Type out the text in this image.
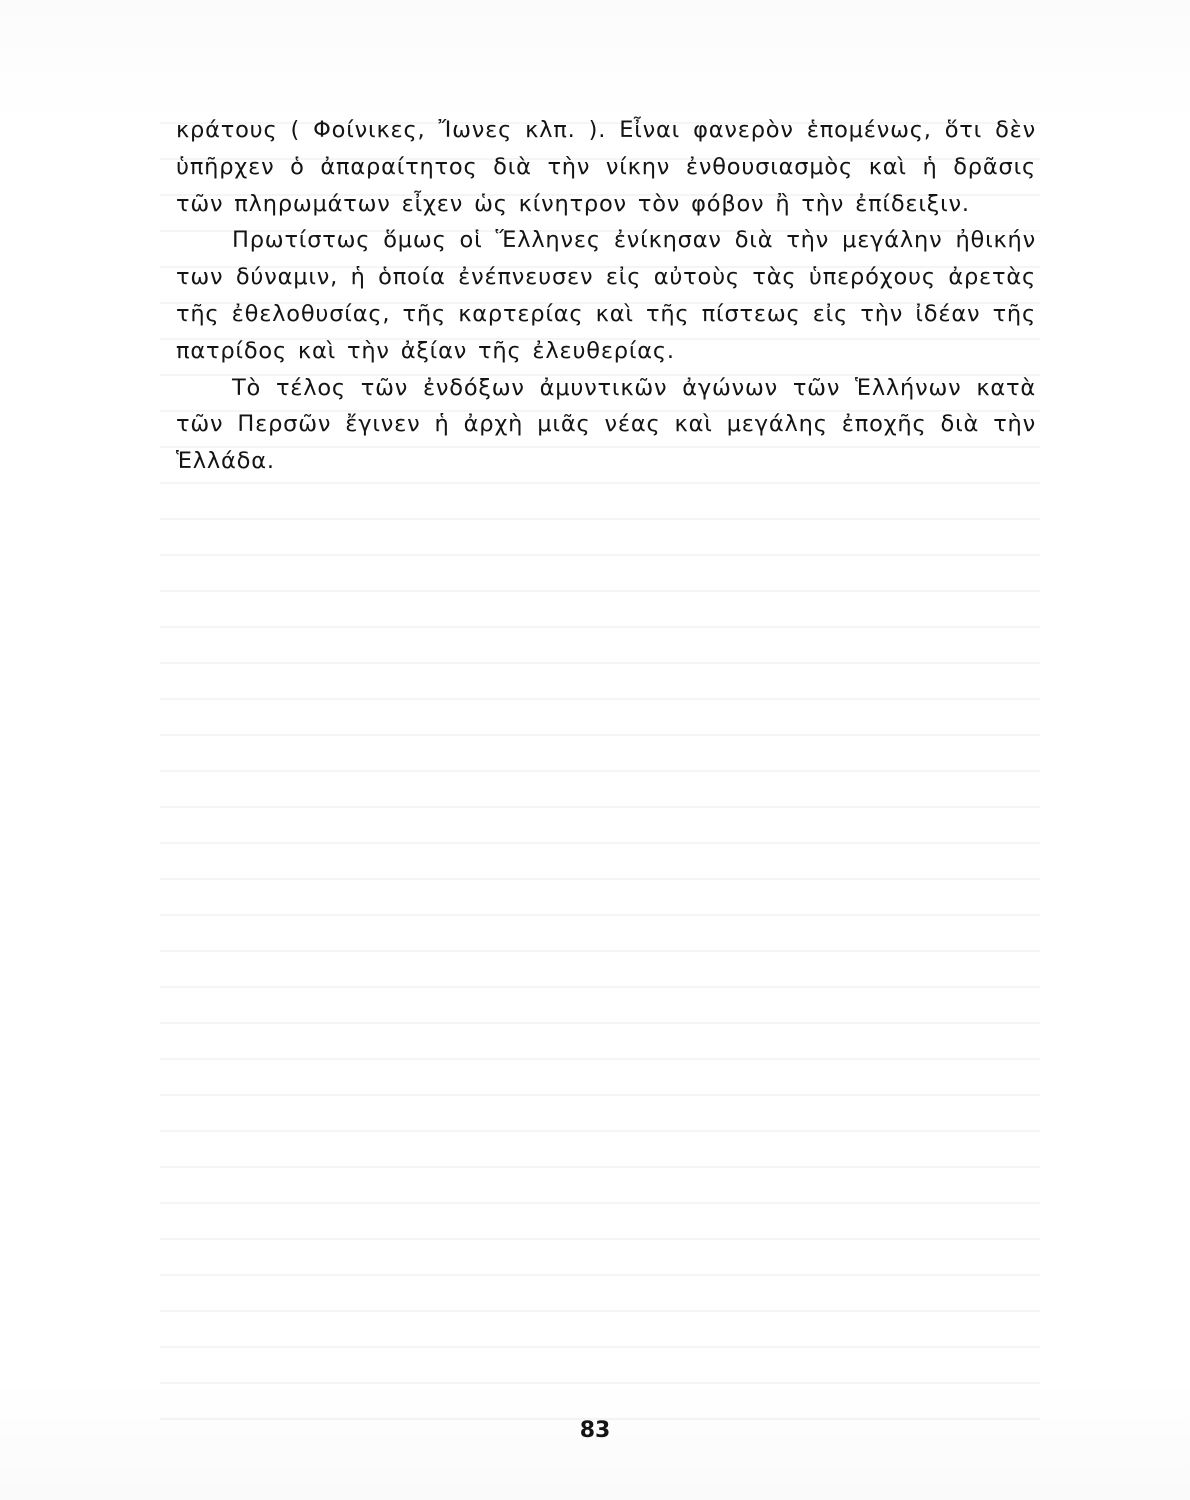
κράτους ( Φοίνικες, Ἴωνες κλπ. ). Εἶναι φανερὸν ἑπομένως, ὅτι δὲν ὑπῆρχεν ὁ ἀπαραίτητος διὰ τὴν νίκην ἐνθουσιασμὸς καὶ ἡ δρᾶσις τῶν πληρωμάτων εἶχεν ὡς κίνητρον τὸν φόβον ἢ τὴν ἐπίδειξιν.

Πρωτίστως ὅμως οἱ Ἕλληνες ἐνίκησαν διὰ τὴν μεγάλην ἠθικήν των δύναμιν, ἡ ὁποία ἐνέπνευσεν εἰς αὐτοὺς τὰς ὑπερόχους ἀρετὰς τῆς ἐθελοθυσίας, τῆς καρτερίας καὶ τῆς πίστεως εἰς τὴν ἰδέαν τῆς πατρίδος καὶ τὴν ἀξίαν τῆς ἐλευθερίας.

Τὸ τέλος τῶν ἐνδόξων ἀμυντικῶν ἀγώνων τῶν Ἑλλήνων κατὰ τῶν Περσῶν ἔγινεν ἡ ἀρχὴ μιᾶς νέας καὶ μεγάλης ἐποχῆς διὰ τὴν Ἑλλάδα.

83
